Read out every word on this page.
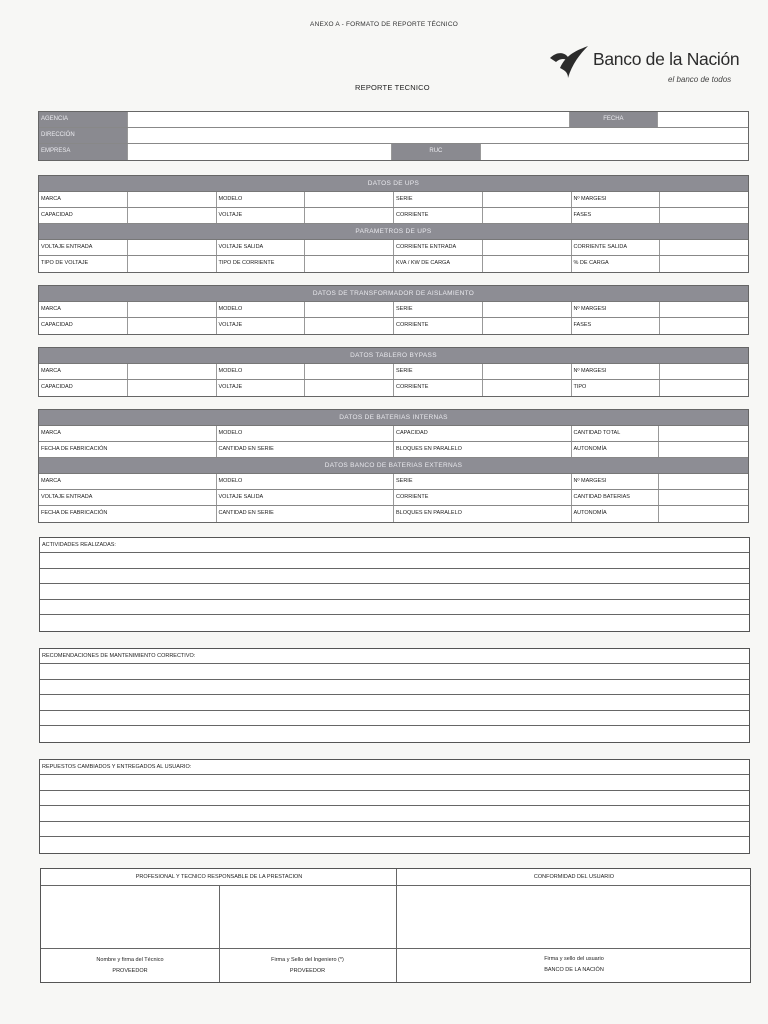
ANEXO A - FORMATO DE REPORTE TÉCNICO
Banco de la Nación
el banco de todos
REPORTE TECNICO
AGENCIA	FECHA
DIRECCIÓN
EMPRESA	RUC
DATOS DE UPS
MARCA	MODELO	SERIE	Nº MARGESI
CAPACIDAD	VOLTAJE	CORRIENTE	FASES
PARAMETROS DE UPS
VOLTAJE ENTRADA	VOLTAJE SALIDA	CORRIENTE ENTRADA	CORRIENTE SALIDA
TIPO DE VOLTAJE	TIPO DE CORRIENTE	KVA / KW DE CARGA	% DE CARGA
DATOS DE TRANSFORMADOR DE AISLAMIENTO
MARCA	MODELO	SERIE	Nº MARGESI
CAPACIDAD	VOLTAJE	CORRIENTE	FASES
DATOS TABLERO BYPASS
MARCA	MODELO	SERIE	Nº MARGESI
CAPACIDAD	VOLTAJE	CORRIENTE	TIPO
DATOS DE BATERIAS INTERNAS
MARCA	MODELO	CAPACIDAD	CANTIDAD TOTAL
FECHA DE FABRICACIÓN	CANTIDAD EN SERIE	BLOQUES EN PARALELO	AUTONOMÍA
DATOS BANCO DE BATERIAS EXTERNAS
MARCA	MODELO	SERIE	Nº MARGESI
VOLTAJE ENTRADA	VOLTAJE SALIDA	CORRIENTE	CANTIDAD BATERIAS
FECHA DE FABRICACIÓN	CANTIDAD EN SERIE	BLOQUES EN PARALELO	AUTONOMÍA
ACTIVIDADES REALIZADAS:
RECOMENDACIONES DE MANTENIMIENTO CORRECTIVO:
REPUESTOS CAMBIADOS Y ENTREGADOS AL USUARIO:
PROFESIONAL Y TECNICO RESPONSABLE DE LA PRESTACION	CONFORMIDAD DEL USUARIO
Nombre y firma del Técnico
PROVEEDOR
Firma y Sello del Ingeniero (*)
PROVEEDOR
Firma y sello del usuario
BANCO DE LA NACIÓN
